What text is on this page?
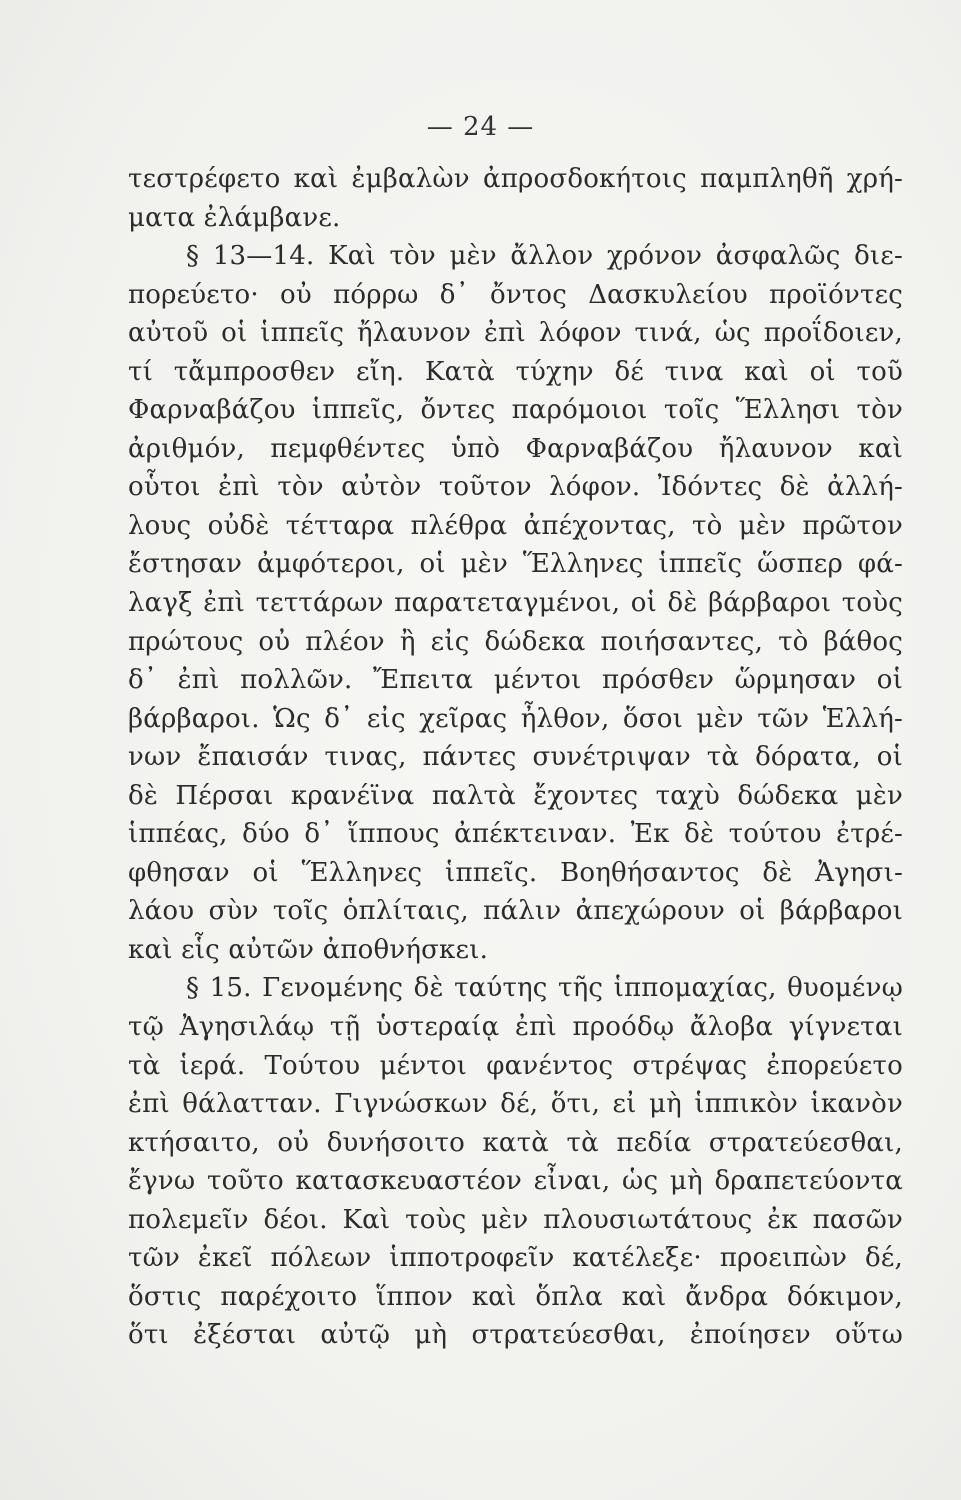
— 24 —
τεστρέφετο καὶ ἐμβαλὼν ἀπροσδοκήτοις παμπληθῆ χρή-
ματα ἐλάμβανε.
§ 13—14. Καὶ τὸν μὲν ἄλλον χρόνον ἀσφαλῶς διε-
πορεύετο· οὐ πόρρω δ᾽ ὄντος Δασκυλείου προϊόντες
αὐτοῦ οἱ ἱππεῖς ἤλαυνον ἐπὶ λόφον τινά, ὡς προΐδοιεν,
τί τἄμπροσθεν εἴη. Κατὰ τύχην δέ τινα καὶ οἱ τοῦ
Φαρναβάζου ἱππεῖς, ὄντες παρόμοιοι τοῖς Ἕλλησι τὸν
ἀριθμόν, πεμφθέντες ὑπὸ Φαρναβάζου ἤλαυνον καὶ
οὗτοι ἐπὶ τὸν αὐτὸν τοῦτον λόφον. Ἰδόντες δὲ ἀλλή-
λους οὐδὲ τέτταρα πλέθρα ἀπέχοντας, τὸ μὲν πρῶτον
ἔστησαν ἀμφότεροι, οἱ μὲν Ἕλληνες ἱππεῖς ὥσπερ φά-
λαγξ ἐπὶ τεττάρων παρατεταγμένοι, οἱ δὲ βάρβαροι τοὺς
πρώτους οὐ πλέον ἢ εἰς δώδεκα ποιήσαντες, τὸ βάθος
δ᾽ ἐπὶ πολλῶν. Ἔπειτα μέντοι πρόσθεν ὥρμησαν οἱ
βάρβαροι. Ὡς δ᾽ εἰς χεῖρας ἦλθον, ὅσοι μὲν τῶν Ἑλλή-
νων ἔπαισάν τινας, πάντες συνέτριψαν τὰ δόρατα, οἱ
δὲ Πέρσαι κρανέϊνα παλτὰ ἔχοντες ταχὺ δώδεκα μὲν
ἱππέας, δύο δ᾽ ἵππους ἀπέκτειναν. Ἐκ δὲ τούτου ἐτρέ-
φθησαν οἱ Ἕλληνες ἱππεῖς. Βοηθήσαντος δὲ Ἀγησι-
λάου σὺν τοῖς ὁπλίταις, πάλιν ἀπεχώρουν οἱ βάρβαροι
καὶ εἷς αὐτῶν ἀποθνήσκει.
§ 15. Γενομένης δὲ ταύτης τῆς ἱππομαχίας, θυομένῳ
τῷ Ἀγησιλάῳ τῇ ὑστεραίᾳ ἐπὶ προόδῳ ἄλοβα γίγνεται
τὰ ἱερά. Τούτου μέντοι φανέντος στρέψας ἐπορεύετο
ἐπὶ θάλατταν. Γιγνώσκων δέ, ὅτι, εἰ μὴ ἱππικὸν ἱκανὸν
κτήσαιτο, οὐ δυνήσοιτο κατὰ τὰ πεδία στρατεύεσθαι,
ἔγνω τοῦτο κατασκευαστέον εἶναι, ὡς μὴ δραπετεύοντα
πολεμεῖν δέοι. Καὶ τοὺς μὲν πλουσιωτάτους ἐκ πασῶν
τῶν ἐκεῖ πόλεων ἱπποτροφεῖν κατέλεξε· προειπὼν δέ,
ὅστις παρέχοιτο ἵππον καὶ ὅπλα καὶ ἄνδρα δόκιμον,
ὅτι ἐξέσται αὐτῷ μὴ στρατεύεσθαι, ἐποίησεν οὕτω
